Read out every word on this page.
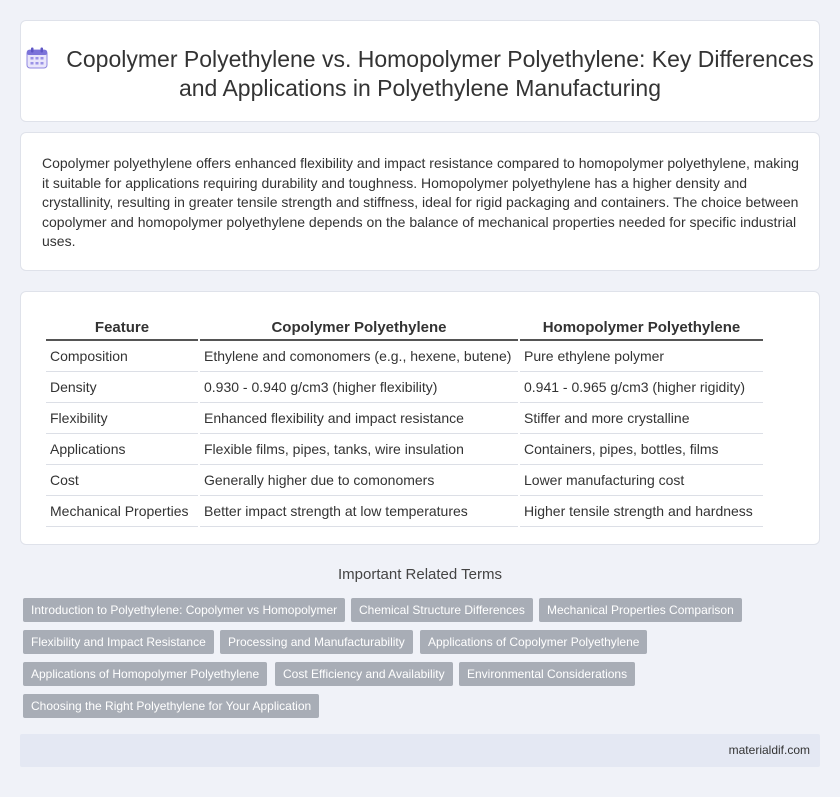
Copolymer Polyethylene vs. Homopolymer Polyethylene: Key Differences and Applications in Polyethylene Manufacturing

Copolymer polyethylene offers enhanced flexibility and impact resistance compared to homopolymer polyethylene, making it suitable for applications requiring durability and toughness. Homopolymer polyethylene has a higher density and crystallinity, resulting in greater tensile strength and stiffness, ideal for rigid packaging and containers. The choice between copolymer and homopolymer polyethylene depends on the balance of mechanical properties needed for specific industrial uses.

Feature	Copolymer Polyethylene	Homopolymer Polyethylene
Composition	Ethylene and comonomers (e.g., hexene, butene)	Pure ethylene polymer
Density	0.930 - 0.940 g/cm3 (higher flexibility)	0.941 - 0.965 g/cm3 (higher rigidity)
Flexibility	Enhanced flexibility and impact resistance	Stiffer and more crystalline
Applications	Flexible films, pipes, tanks, wire insulation	Containers, pipes, bottles, films
Cost	Generally higher due to comonomers	Lower manufacturing cost
Mechanical Properties	Better impact strength at low temperatures	Higher tensile strength and hardness
Important Related Terms
Introduction to Polyethylene: Copolymer vs Homopolymer	Chemical Structure Differences	Mechanical Properties Comparison
Flexibility and Impact Resistance	Processing and Manufacturability	Applications of Copolymer Polyethylene
Applications of Homopolymer Polyethylene	Cost Efficiency and Availability	Environmental Considerations
Choosing the Right Polyethylene for Your Application
materialdif.com
